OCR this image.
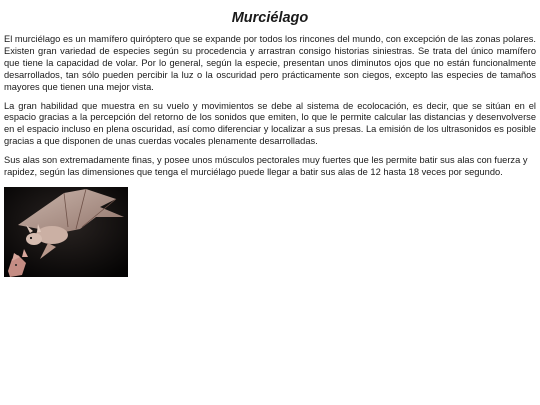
Murciélago

El murciélago es un mamífero quiróptero que se expande por todos los rincones del mundo, con excepción de las zonas polares. Existen gran variedad de especies según su procedencia y arrastran consigo historias siniestras. Se trata del único mamífero que tiene la capacidad de volar. Por lo general, según la especie, presentan unos diminutos ojos que no están funcionalmente desarrollados, tan sólo pueden percibir la luz o la oscuridad pero prácticamente son ciegos, excepto las especies de tamaños mayores que tienen una mejor vista.

La gran habilidad que muestra en su vuelo y movimientos se debe al sistema de ecolocación, es decir, que se sitúan en el espacio gracias a la percepción del retorno de los sonidos que emiten, lo que le permite calcular las distancias y desenvolverse en el espacio incluso en plena oscuridad, así como diferenciar y localizar a sus presas. La emisión de los ultrasonidos es posible gracias a que disponen de unas cuerdas vocales plenamente desarrolladas.

Sus alas son extremadamente finas, y posee unos músculos pectorales muy fuertes que les permite batir sus alas con fuerza y rapidez, según las dimensiones que tenga el murciélago puede llegar a batir sus alas de 12 hasta 18 veces por segundo.
